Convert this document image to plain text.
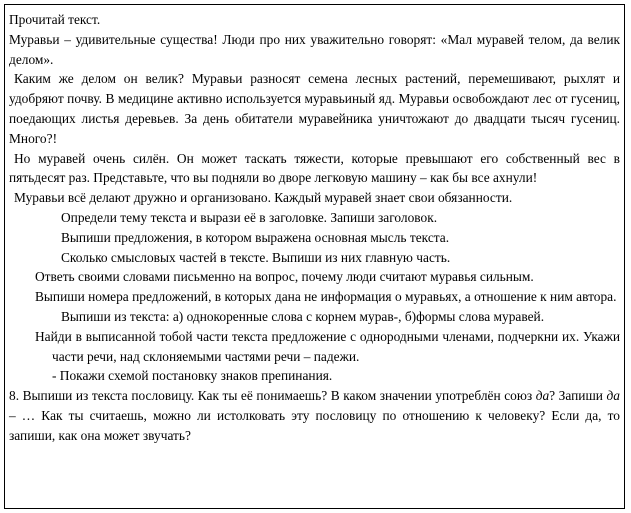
Прочитай текст.

Муравьи – удивительные существа! Люди про них уважительно говорят: «Мал муравей телом, да велик делом».

Каким же делом он велик? Муравьи разносят семена лесных растений, перемешивают, рыхлят и удобряют почву. В медицине активно используется муравьиный яд. Муравьи освобождают лес от гусениц, поедающих листья деревьев. За день обитатели муравейника уничтожают до двадцати тысяч гусениц. Много?!

Но муравей очень силён. Он может таскать тяжести, которые превышают его собственный вес в пятьдесят раз. Представьте, что вы подняли во дворе легковую машину – как бы все ахнули!

Муравьи всё делают дружно и организовано. Каждый муравей знает свои обязанности.

Определи тему текста и вырази её в заголовке. Запиши заголовок.

Выпиши предложения, в котором выражена основная мысль текста.

Сколько смысловых частей в тексте. Выпиши из них главную часть.

Ответь своими словами письменно на вопрос, почему люди считают муравья сильным.

Выпиши номера предложений, в которых дана не информация о муравьях, а отношение к ним автора.

Выпиши из текста: а) однокоренные слова с корнем мурав-, б)формы слова муравей.

Найди в выписанной тобой части текста предложение с однородными членами, подчеркни их. Укажи части речи, над склоняемыми частями речи – падежи.

- Покажи схемой постановку знаков препинания.

8. Выпиши из текста пословицу. Как ты её понимаешь? В каком значении употреблён союз да? Запиши да – … Как ты считаешь, можно ли истолковать эту пословицу по отношению к человеку? Если да, то запиши, как она может звучать?
